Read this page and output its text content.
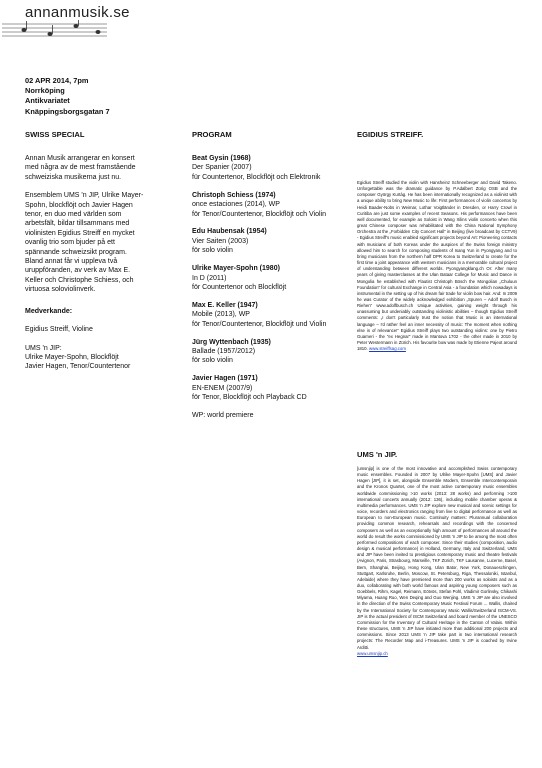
annanmusik.se
02 APR 2014, 7pm
Norrköping
Antikvariatet
Knäppingsborgsgatan 7
SWISS SPECIAL	PROGRAM	EGIDIUS STREIFF.

Annan Musik arrangerar en konsert med några av de mest framstående schweiziska musikerna just nu.

Ensemblem UMS 'n JIP, Ulrike Mayer-Spohn, blockflöjt och Javier Hagen tenor, en duo med världen som arbetsfält, bildar tillsammans med violinisten Egidius Streiff en mycket ovanlig trio som bjuder på ett spännande schweizsikt program. Bland annat får vi uppleva två uruppföranden, av verk av Max E. Keller och Christophe Schiess, och virtuosa soloviolinverk.

Medverkande:

Egidius Streiff, Violine

UMS 'n JIP:
Ulrike Mayer-Spohn, Blockflöjt
Javier Hagen, Tenor/Countertenor
Beat Gysin (1968)
Der Spanier (2007)
für Countertenor, Blockflöjt och Elektronik
Christoph Schiess (1974)
once estaciones (2014), WP
för Tenor/Countertenor, Blockflöjt och Violin
Edu Haubensak (1954)
Vier Saiten (2003)
för solo violin
Ulrike Mayer-Spohn (1980)
In D (2011)
för Countertenor och Blockflöjt
Max E. Keller (1947)
Mobile (2013), WP
för Tenor/Countertenor, Blockflöjt und Violin
Jürg Wyttenbach (1935)
Ballade (1957/2012)
för solo violin
Javier Hagen (1971)
EN-ENEM (2007/9)
för Tenor, Blockflöjt och Playback CD
WP: world premiere
Egidius Streiff studied the violin with Hansheinz Schneeberger and David Takeno. Unforgettable was the dramatic guidance by P.Adalbert Zürig OSB and the composer György Kurtág. He has been internationally recognized as a violinist with a unique ability to bring New Music to life: First performances of violin concertos by Heidi Baader-Nobs in Weimar, Lothar Voigtländer in Dresden, or Harry Crowl in Curitiba are just some examples of recent Seasons. His performances have been well documented, for example as Soloist in Wang Xilins violin concerto when this great Chinese composer was rehabilitated with the China National Symphony Orchestra at the „Forbidden City Concert Hall“ in Beijing (live broadcast by CCTV9) - Egidius Streiff's music enabled significant projects beyond Art: Pioneering contacts with musicians of both Koreas under the auspices of the Swiss foreign ministry allowed him to search for composing students of Isang Yun in Pyongyang and to bring musicians from the northern half DPR Korea to Switzerland to create for the first time a joint appearance with western musicians in a memorable cultural project of understanding between different worlds. Pyongyangklang.ch Or: After many years of giving masterclasses at the Ulan Bataar College for Music and Dance in Mongolia he established with Flautist Christoph Bösch the Mongolian „Chuluun Foundation“ for cultural Exchange in Central Asia - a foundation which nowadays is instrumental in the setting up of his dream fair trade for violin bow hair. And: In 2009 he was Curator of the widely acknowledged exhibition „Spuren – Adolf Busch in Riehen“ www.adolfbusch.ch Unique activities, gaining weight through his unassuming but undeniably outstanding violinistic abilities – though Egidius Streiff comments: „I don't particularly trust the notion that Music is an international language – I'd rather feel an inner necessity of music: The moment when nothing else is of relevance!“ Egidius Streiff plays two outstanding violins: one by Pietro Guarneri - the "ex Hegnar" made in Mantova 1702 - the other made in 2010 by Peter Westermann in Zürich. His favourite bow was made by Etienne Pajeot around 1810. www.streiffsag.com
UMS 'n JIP.
[umsnjip] is one of the most innovative and accomplished Swiss contemporary music ensembles. Founded in 2007 by Ulrike Mayer-Spohn [UMS] and Javier Hagen [JIP], it is set, alongside Ensemble Modern, Ensemble Intercontemporain and the Kronos Quartet, one of the most active contemporary music ensembles worldwide commissioning >10 works (2013: 28 works) and performing >100 international concerts annually (2012: 136), including mobile chamber operas & multimedia performances. UMS 'n JIP explore new musical and scenic settings for voice, recorders and electronics ranging from live to digital performance as well as European to non-European music. Continuity matters: Plurannual collaboration providing common research, rehearsals and recordings with the concerned composers as well as an exceptionally high amount of performances all around the world do result the works commissioned by UMS 'n JIP to be among the most often performed compositions of each composer. Since their studies (composition, audio design & musical performance) in Holland, Germany, Italy and Switzerland, UMS and JIP have been invited to prestigious contemporary music and theatre festivals (Avignon, Paris, Strasbourg, Marseille, TKF Zürich, TKF Lausanne, Lucerne, Basel, Bern, Shanghai, Beijing, Hong Kong, Ulan Bator, New York, Donaueschingen, Stuttgart, Karlsruhe, Berlin, Moscow, St. Petersburg, Riga, Thessaloniki, Istanbul, Adelaide) where they have premiered more than 200 works as soloists and as a duo, collaborating with both world famous and aspiring young composers such as Goebbels, Rihm, Kagel, Reimann, Eötvös, Stefan Pohl, Vladimir Gorlinsky, Chikashi Miyama, Huang Ruo, Wen Deqing and Guo Wenjing. UMS 'n JIP are also involved in the direction of the Swiss Contemporary Music Festival Forum ... Wallis, chaired by the International Society for Contemporary Music Wallis/Switzerland ISCM-VS. JIP is the actual president of ISCM Switzerland and board member of the UNESCO Commission for the Inventory of Cultural Heritage in the Canton of Valais. Within these structures, UMS 'n JIP have initiated more than additional 200 projects and commissions. Since 2013 UMS 'n JIP take part in two international research projects: The Recorder Map and i-Treasures. UMS 'n JIP is coached by Irvine Arditti.
www.umsnjip.ch
